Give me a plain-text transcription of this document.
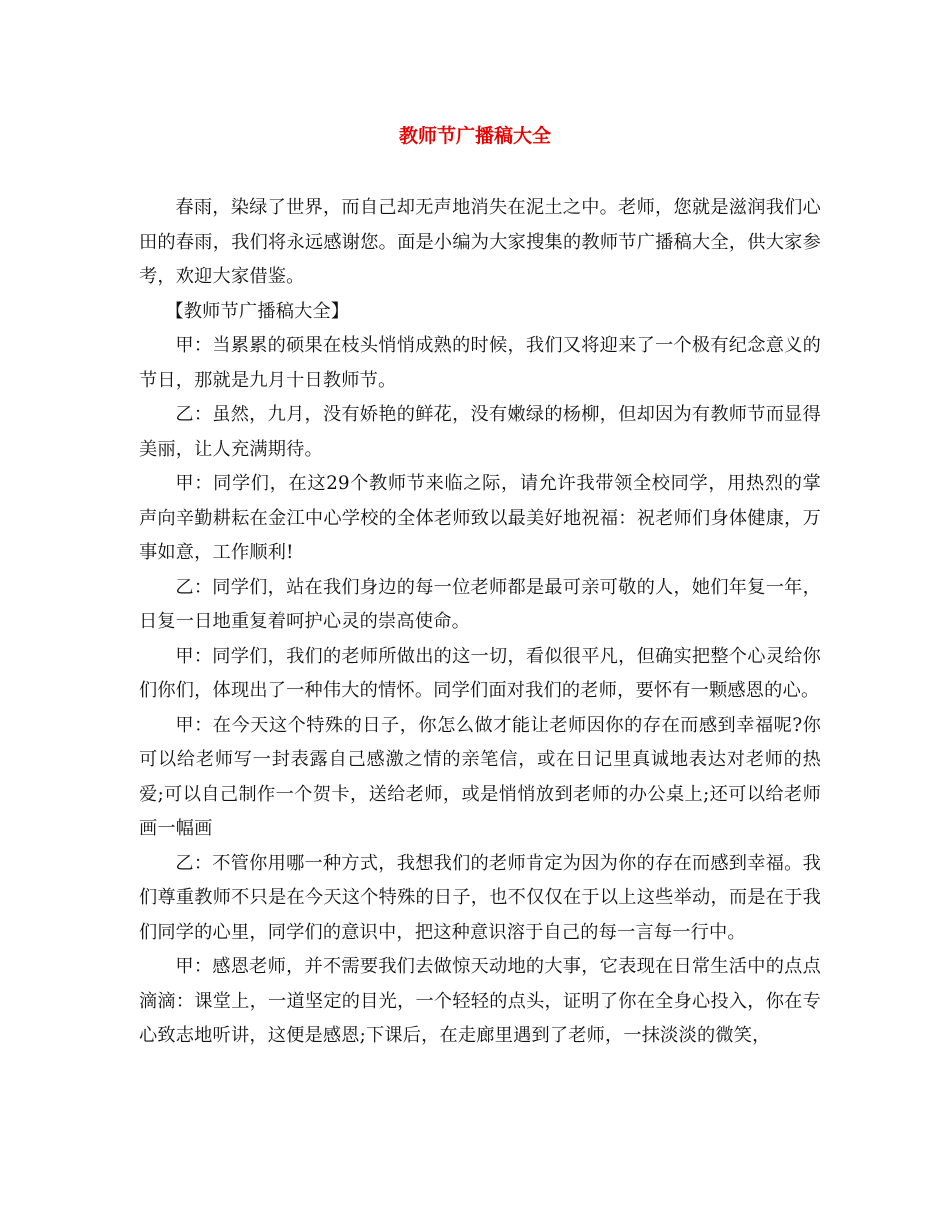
教师节广播稿大全

春雨，染绿了世界，而自己却无声地消失在泥土之中。老师，您就是滋润我们心田的春雨，我们将永远感谢您。面是小编为大家搜集的教师节广播稿大全，供大家参考，欢迎大家借鉴。

【教师节广播稿大全】

甲：当累累的硕果在枝头悄悄成熟的时候，我们又将迎来了一个极有纪念意义的节日，那就是九月十日教师节。

乙：虽然，九月，没有娇艳的鲜花，没有嫩绿的杨柳，但却因为有教师节而显得美丽，让人充满期待。

甲：同学们，在这29个教师节来临之际，请允许我带领全校同学，用热烈的掌声向辛勤耕耘在金江中心学校的全体老师致以最美好地祝福：祝老师们身体健康，万事如意，工作顺利!

乙：同学们，站在我们身边的每一位老师都是最可亲可敬的人，她们年复一年，日复一日地重复着呵护心灵的崇高使命。

甲：同学们，我们的老师所做出的这一切，看似很平凡，但确实把整个心灵给你们你们，体现出了一种伟大的情怀。同学们面对我们的老师，要怀有一颗感恩的心。

甲：在今天这个特殊的日子，你怎么做才能让老师因你的存在而感到幸福呢?你可以给老师写一封表露自己感激之情的亲笔信，或在日记里真诚地表达对老师的热爱;可以自己制作一个贺卡，送给老师，或是悄悄放到老师的办公桌上;还可以给老师画一幅画

乙：不管你用哪一种方式，我想我们的老师肯定为因为你的存在而感到幸福。我们尊重教师不只是在今天这个特殊的日子，也不仅仅在于以上这些举动，而是在于我们同学的心里，同学们的意识中，把这种意识溶于自己的每一言每一行中。

甲：感恩老师，并不需要我们去做惊天动地的大事，它表现在日常生活中的点点滴滴：课堂上，一道坚定的目光，一个轻轻的点头，证明了你在全身心投入，你在专心致志地听讲，这便是感恩;下课后，在走廊里遇到了老师，一抹淡淡的微笑，
